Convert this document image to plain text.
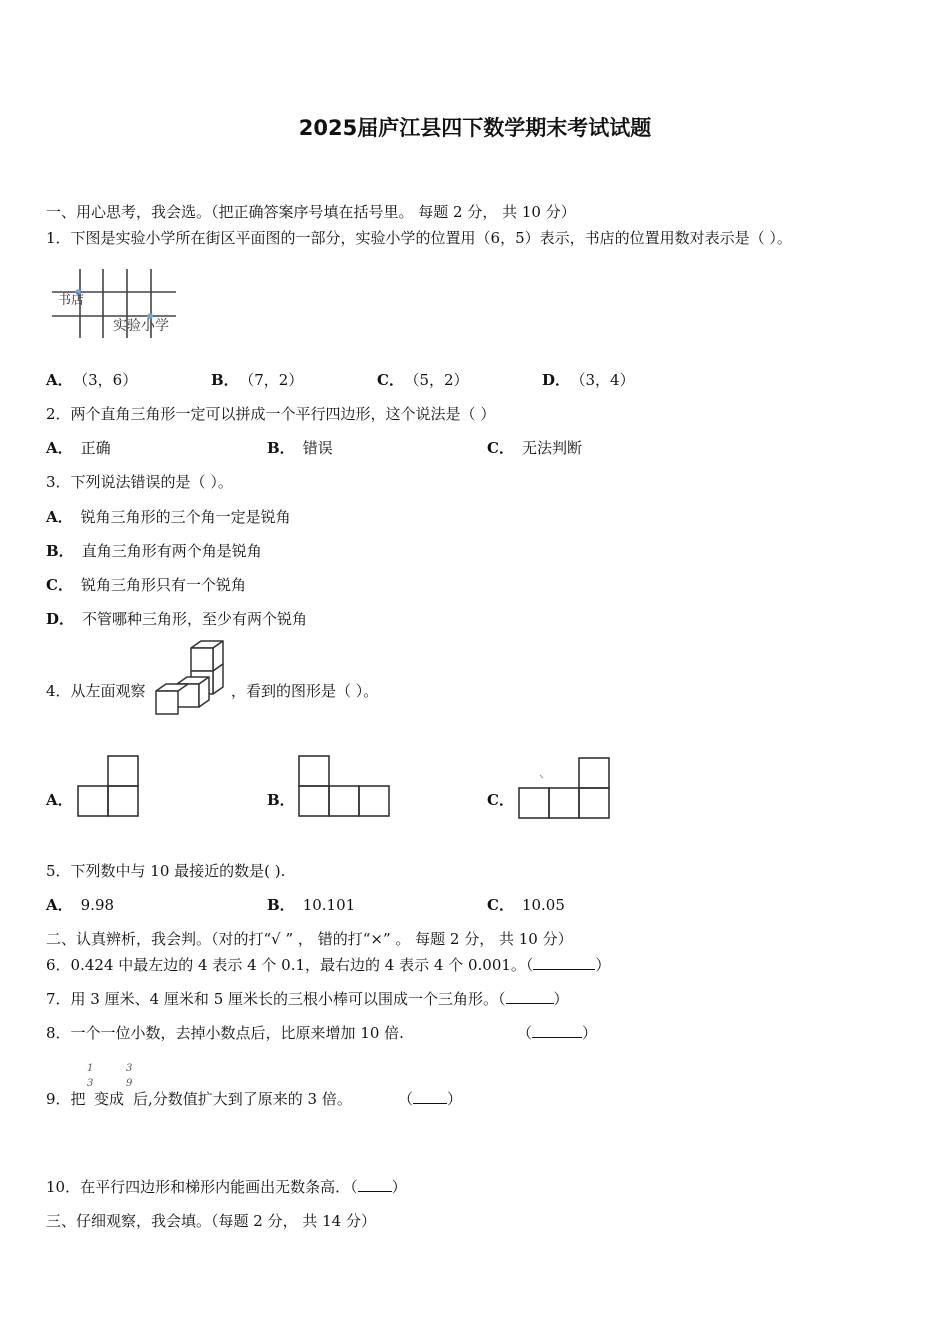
2025届庐江县四下数学期末考试试题
一、用心思考，我会选。（把正确答案序号填在括号里。 每题 2 分， 共 10 分）
1．下图是实验小学所在街区平面图的一部分，实验小学的位置用（6，5）表示，书店的位置用数对表示是（ ）。
书店
实验小学
A． （3，6）	B． （7，2）	C． （5，2）	D． （3，4）
2．两个直角三角形一定可以拼成一个平行四边形，这个说法是（ ）
A． 正确	B． 错误	C． 无法判断
3．下列说法错误的是（ ）。
A． 锐角三角形的三个角一定是锐角
B． 直角三角形有两个角是锐角
C． 锐角三角形只有一个锐角
D． 不管哪种三角形，至少有两个锐角
4．从左面观察	，看到的图形是（ ）。
A．	B．	C．
5．下列数中与 10 最接近的数是( ).
A． 9.98	B． 10.101	C． 10.05
二、认真辨析，我会判。（对的打“√ ” ， 错的打“×” 。 每题 2 分， 共 10 分）
6．0.424 中最左边的 4 表示 4 个 0.1，最右边的 4 表示 4 个 0.001。（	）
7．用 3 厘米、4 厘米和 5 厘米长的三根小棒可以围成一个三角形。（	）
8．一个一位小数，去掉小数点后，比原来增加 10 倍.	（	）
9．把
1
3
变成
3
9
后,分数值扩大到了原来的 3 倍。	（ ）
10．在平行四边形和梯形内能画出无数条高．（ ）
三、仔细观察，我会填。（每题 2 分， 共 14 分）
